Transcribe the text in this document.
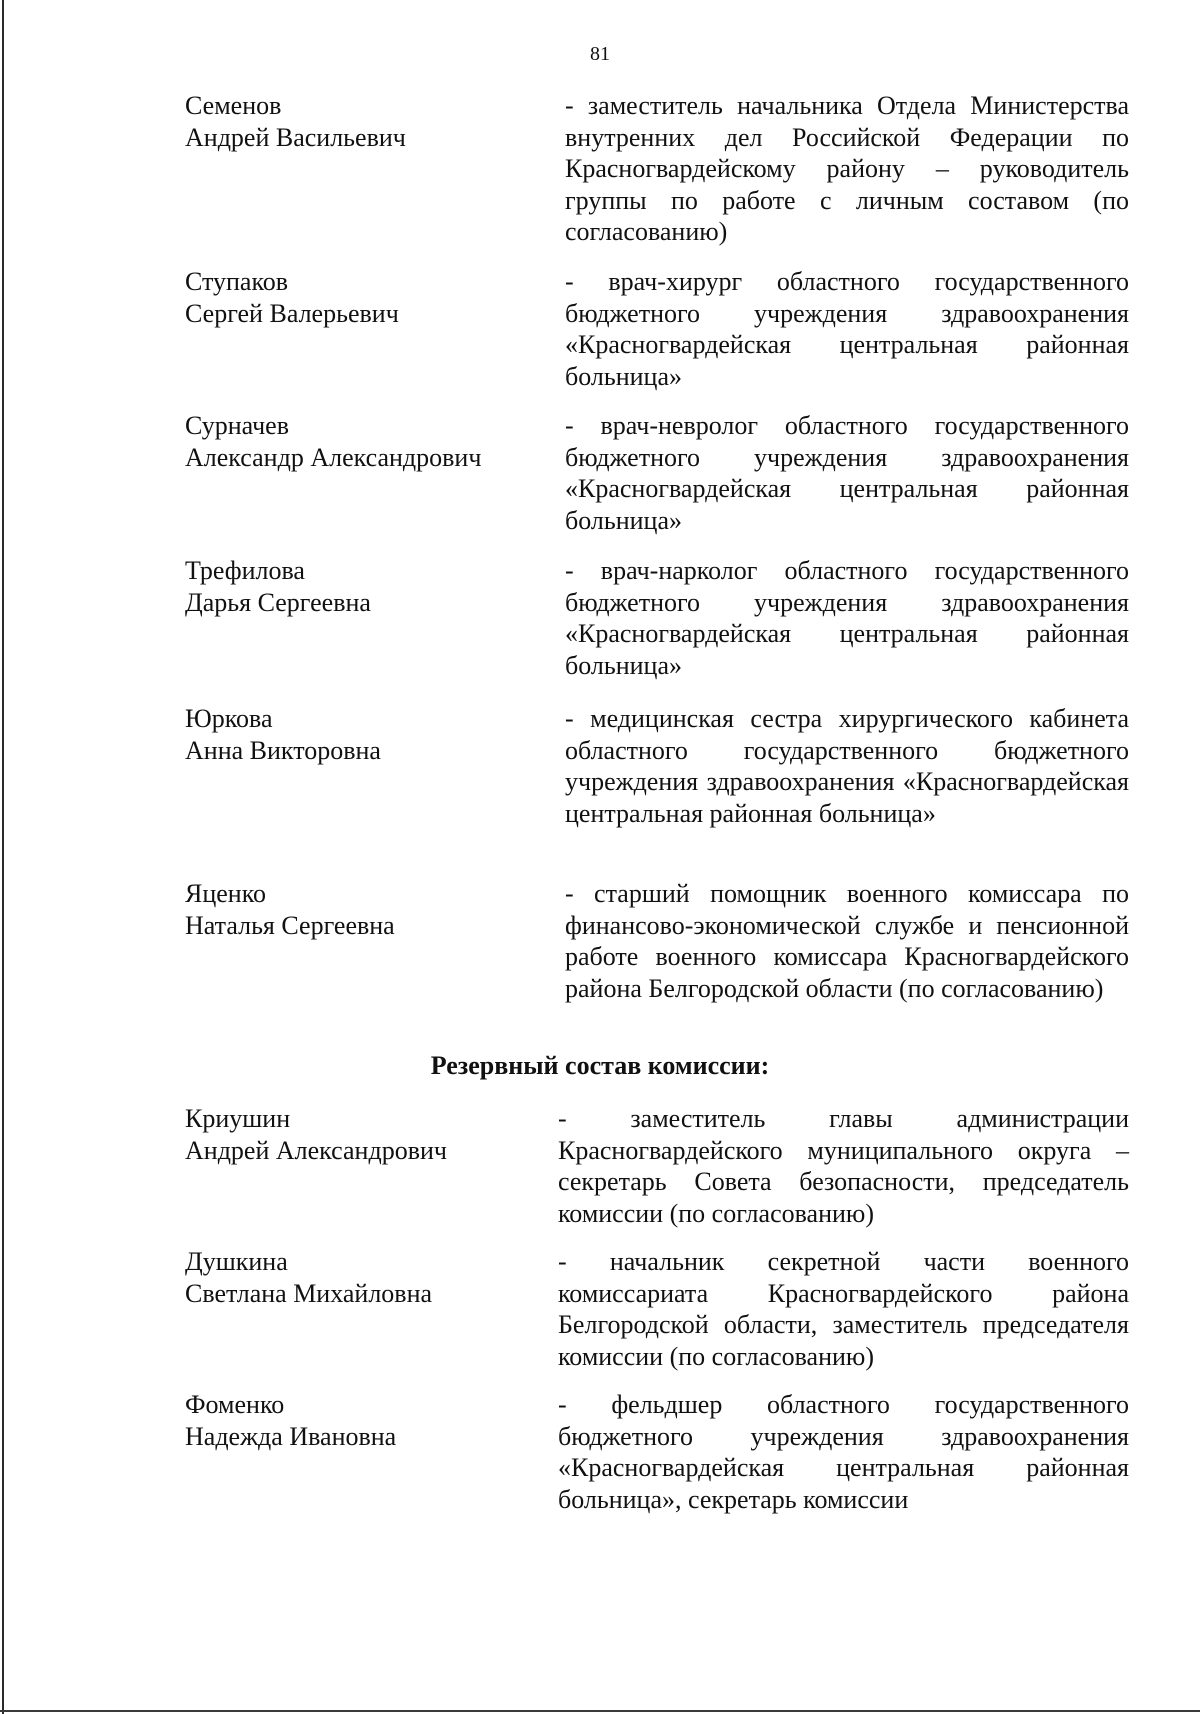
81
Семенов
Андрей Васильевич
- заместитель начальника Отдела Министерства внутренних дел Российской Федерации по Красногвардейскому району – руководитель группы по работе с личным составом (по согласованию)
Ступаков
Сергей Валерьевич
- врач-хирург областного государственного бюджетного учреждения здравоохранения «Красногвардейская центральная районная больница»
Сурначев
Александр Александрович
- врач-невролог областного государственного бюджетного учреждения здравоохранения «Красногвардейская центральная районная больница»
Трефилова
Дарья Сергеевна
- врач-нарколог областного государственного бюджетного учреждения здравоохранения «Красногвардейская центральная районная больница»
Юркова
Анна Викторовна
- медицинская сестра хирургического кабинета областного государственного бюджетного учреждения здравоохранения «Красногвардейская центральная районная больница»
Яценко
Наталья Сергеевна
- старший помощник военного комиссара по финансово-экономической службе и пенсионной работе военного комиссара Красногвардейского района Белгородской области (по согласованию)
Резервный состав комиссии:
Криушин
Андрей Александрович
- заместитель главы администрации Красногвардейского муниципального округа – секретарь Совета безопасности, председатель комиссии (по согласованию)
Душкина
Светлана Михайловна
- начальник секретной части военного комиссариата Красногвардейского района Белгородской области, заместитель председателя комиссии (по согласованию)
Фоменко
Надежда Ивановна
- фельдшер областного государственного бюджетного учреждения здравоохранения «Красногвардейская центральная районная больница», секретарь комиссии
